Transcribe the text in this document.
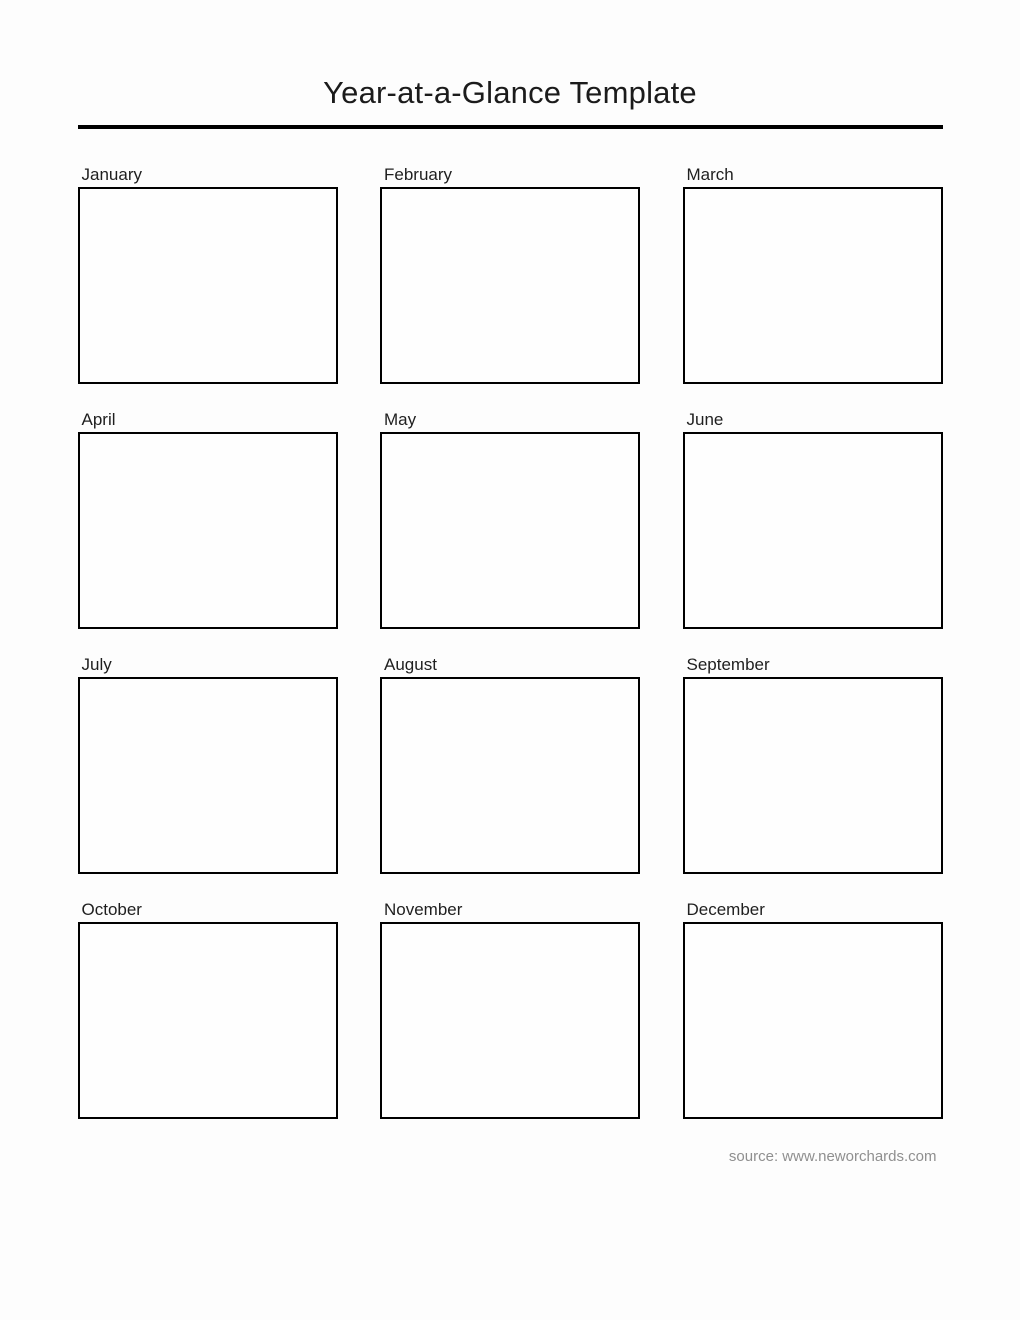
Year-at-a-Glance Template
January	February	March
April	May	June
July	August	September
October	November	December
source: www.neworchards.com
